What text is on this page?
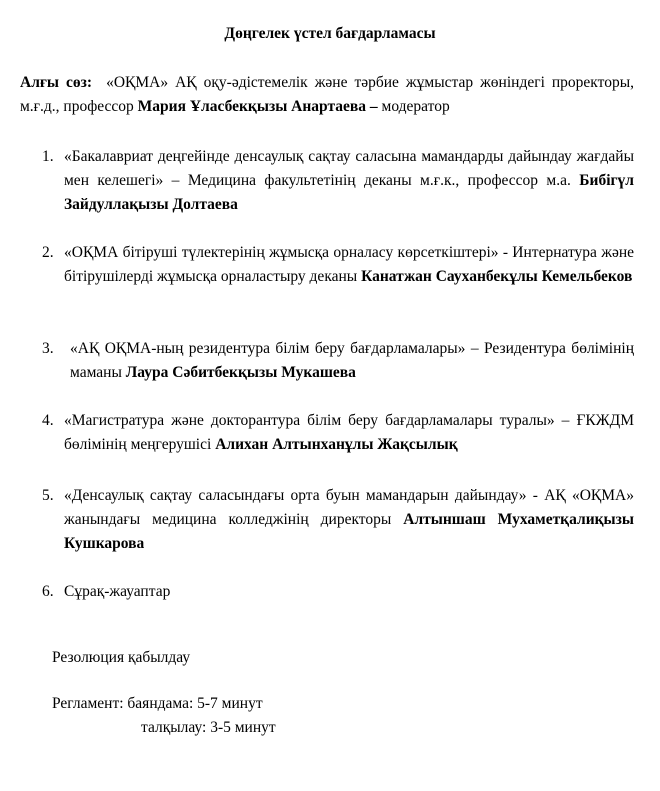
Дөңгелек үстел бағдарламасы
Алғы сөз: «ОҚМА» АҚ оқу-әдістемелік және тәрбие жұмыстар жөніндегі проректоры, м.ғ.д., профессор Мария Ұласбекқызы Анартаева – модератор
1. «Бакалавриат деңгейінде денсаулық сақтау саласына мамандарды дайындау жағдайы мен келешегі» – Медицина факультетінің деканы м.ғ.к., профессор м.а. Бибігүл Зайдуллақызы Долтаева
2. «ОҚМА бітіруші түлектерінің жұмысқа орналасу көрсеткіштері» - Интернатура және бітірушілерді жұмысқа орналастыру деканы Канатжан Сауханбекұлы Кемельбеков
3.	«АҚ ОҚМА-ның резидентура білім беру бағдарламалары» – Резидентура бөлімінің маманы Лаура Сәбитбекқызы Мукашева
4. «Магистратура және докторантура білім беру бағдарламалары туралы» – ҒКЖДМ бөлімінің меңгерушісі Алихан Алтынханұлы Жақсылық
5. «Денсаулық сақтау саласындағы орта буын мамандарын дайындау» - АҚ «ОҚМА» жанындағы медицина колледжінің директоры Алтыншаш Мухаметқалиқызы Кушкарова
6. Сұрақ-жауаптар
Резолюция қабылдау
Регламент: баяндама: 5-7 минут
талқылау: 3-5 минут
